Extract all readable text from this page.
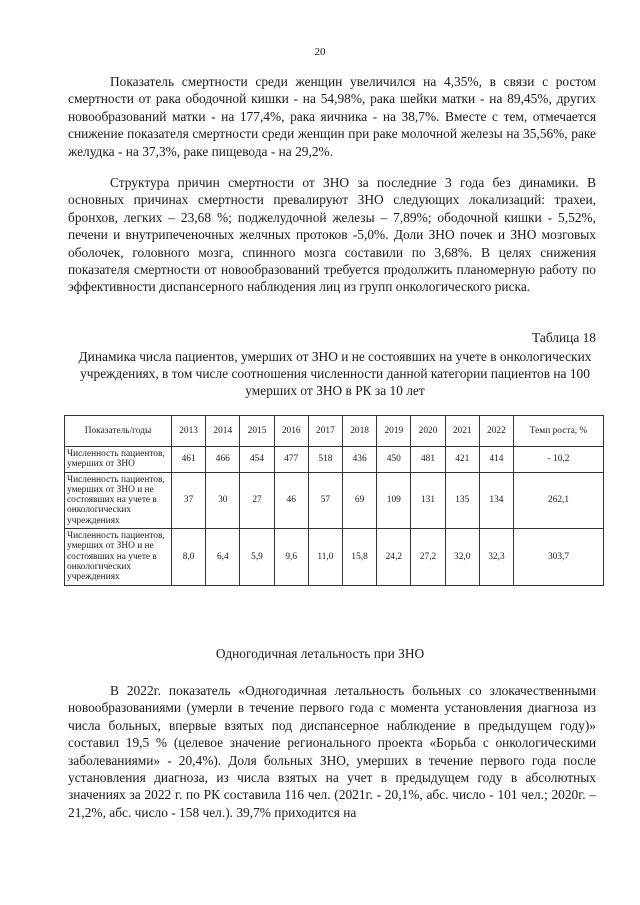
20

Показатель смертности среди женщин увеличился на 4,35%, в связи с ростом смертности от рака ободочной кишки - на 54,98%, рака шейки матки - на 89,45%, других новообразований матки - на 177,4%, рака яичника - на 38,7%. Вместе с тем, отмечается снижение показателя смертности среди женщин при раке молочной железы на 35,56%, раке желудка - на 37,3%, раке пищевода - на 29,2%.

Структура причин смертности от ЗНО за последние 3 года без динамики. В основных причинах смертности превалируют ЗНО следующих локализаций: трахеи, бронхов, легких – 23,68 %; поджелудочной железы – 7,89%; ободочной кишки - 5,52%, печени и внутрипеченочных желчных протоков -5,0%. Доли ЗНО почек и ЗНО мозговых оболочек, головного мозга, спинного мозга составили по 3,68%. В целях снижения показателя смертности от новообразований требуется продолжить планомерную работу по эффективности диспансерного наблюдения лиц из групп онкологического риска.

Таблица 18

Динамика числа пациентов, умерших от ЗНО и не состоявших на учете в онкологических учреждениях, в том числе соотношения численности данной категории пациентов на 100 умерших от ЗНО в РК за 10 лет

Показатель/годы	2013	2014	2015	2016	2017	2018	2019	2020	2021	2022	Темп роста, %
Численность пациентов, умерших от ЗНО	461	466	454	477	518	436	450	481	421	414	- 10,2
Численность пациентов, умерших от ЗНО и не состоявших на учете в онкологических учреждениях	37	30	27	46	57	69	109	131	135	134	262,1
Численность пациентов, умерших от ЗНО и не состоявших на учете в онкологических учреждениях	8,0	6,4	5,9	9,6	11,0	15,8	24,2	27,2	32,0	32,3	303,7
Одногодичная летальность при ЗНО

В 2022г. показатель «Одногодичная летальность больных со злокачественными новообразованиями (умерли в течение первого года с момента установления диагноза из числа больных, впервые взятых под диспансерное наблюдение в предыдущем году)» составил 19,5 % (целевое значение регионального проекта «Борьба с онкологическими заболеваниями» - 20,4%). Доля больных ЗНО, умерших в течение первого года после установления диагноза, из числа взятых на учет в предыдущем году в абсолютных значениях за 2022 г. по РК составила 116 чел. (2021г. - 20,1%, абс. число - 101 чел.; 2020г. – 21,2%, абс. число - 158 чел.). 39,7% приходится на
